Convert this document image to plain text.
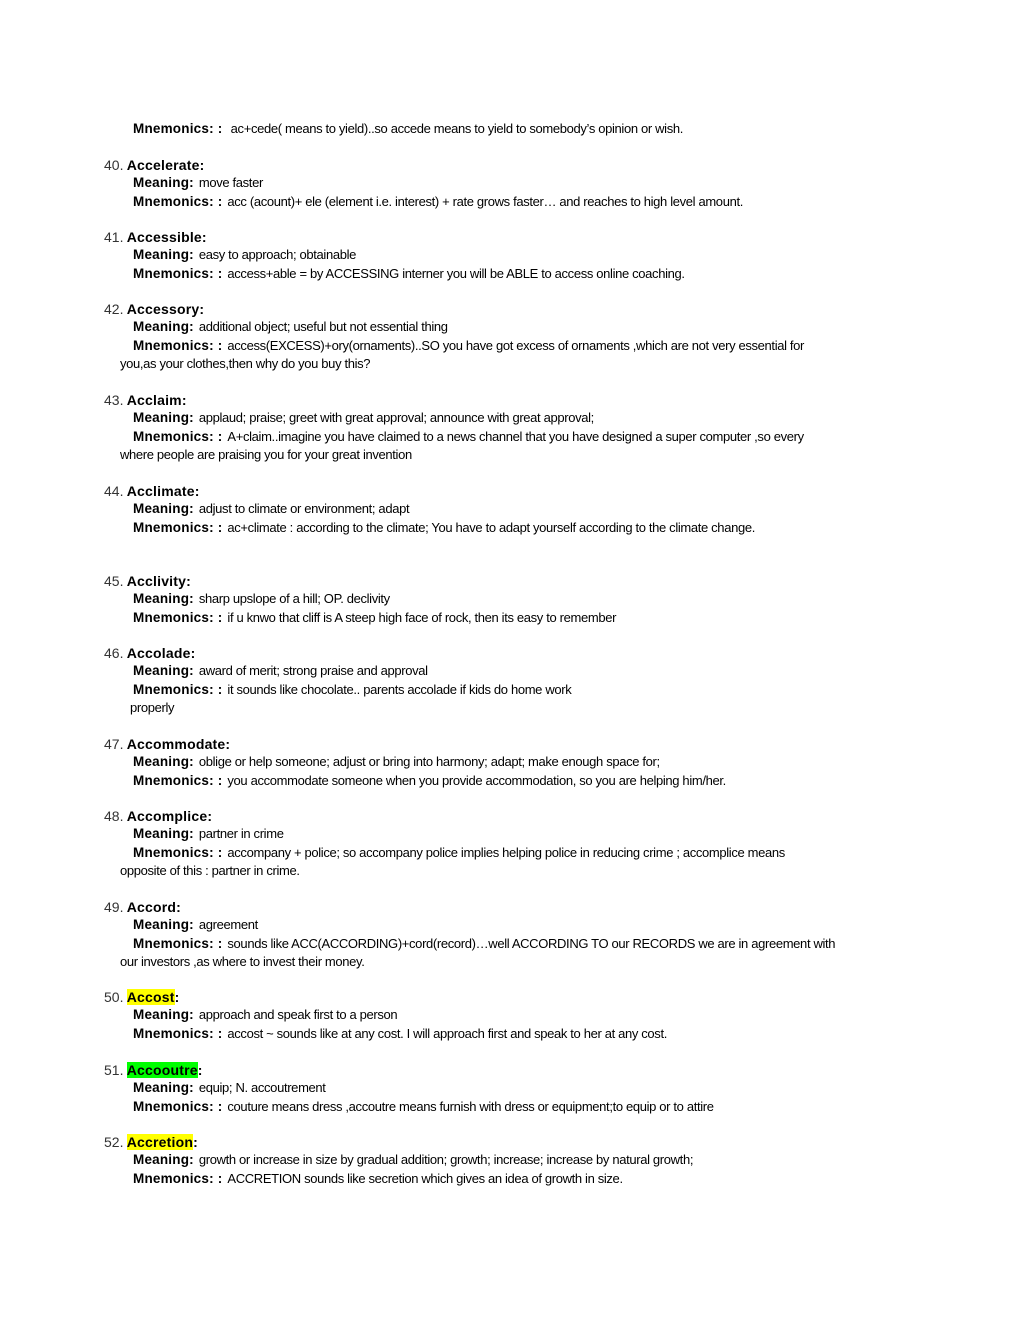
Mnemonics: : ac+cede( means to yield)..so accede means to yield to somebody’s opinion or wish.
40. Accelerate:
Meaning: move faster
Mnemonics: : acc (acount)+ ele (element i.e. interest) + rate grows faster… and reaches to high level amount.
41. Accessible:
Meaning: easy to approach; obtainable
Mnemonics: : access+able = by ACCESSING interner you will be ABLE to access online coaching.
42. Accessory:
Meaning: additional object; useful but not essential thing
Mnemonics: : access(EXCESS)+ory(ornaments)..SO you have got excess of ornaments ,which are not very essential for
you,as your clothes,then why do you buy this?
43. Acclaim:
Meaning: applaud; praise; greet with great approval; announce with great approval;
Mnemonics: : A+claim..imagine you have claimed to a news channel that you have designed a super computer ,so every
where people are praising you for your great invention
44. Acclimate:
Meaning: adjust to climate or environment; adapt
Mnemonics: : ac+climate : according to the climate; You have to adapt yourself according to the climate change.
45. Acclivity:
Meaning: sharp upslope of a hill; OP. declivity
Mnemonics: : if u knwo that cliff is A steep high face of rock, then its easy to remember
46. Accolade:
Meaning: award of merit; strong praise and approval
Mnemonics: : it sounds like chocolate.. parents accolade if kids do home work
properly
47. Accommodate:
Meaning: oblige or help someone; adjust or bring into harmony; adapt; make enough space for;
Mnemonics: : you accommodate someone when you provide accommodation, so you are helping him/her.
48. Accomplice:
Meaning: partner in crime
Mnemonics: : accompany + police; so accompany police implies helping police in reducing crime ; accomplice means
opposite of this : partner in crime.
49. Accord:
Meaning: agreement
Mnemonics: : sounds like ACC(ACCORDING)+cord(record)…well ACCORDING TO our RECORDS we are in agreement with
our investors ,as where to invest their money.
50. Accost:
Meaning: approach and speak first to a person
Mnemonics: : accost ~ sounds like at any cost. I will approach first and speak to her at any cost.
51. Accooutre:
Meaning: equip; N. accoutrement
Mnemonics: : couture means dress ,accoutre means furnish with dress or equipment;to equip or to attire
52. Accretion:
Meaning: growth or increase in size by gradual addition; growth; increase; increase by natural growth;
Mnemonics: : ACCRETION sounds like secretion which gives an idea of growth in size.
